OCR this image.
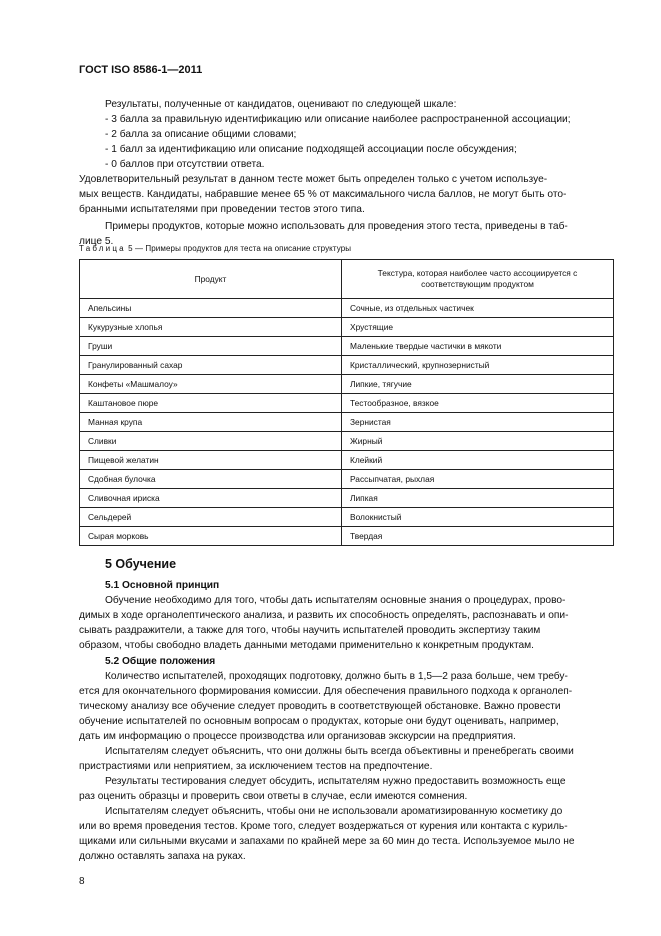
ГОСТ ISO 8586-1—2011
Результаты, полученные от кандидатов, оценивают по следующей шкале:
- 3 балла за правильную идентификацию или описание наиболее распространенной ассоциации;
- 2 балла за описание общими словами;
- 1 балл за идентификацию или описание подходящей ассоциации после обсуждения;
- 0 баллов при отсутствии ответа.
Удовлетворительный результат в данном тесте может быть определен только с учетом используе-
мых веществ. Кандидаты, набравшие менее 65 % от максимального числа баллов, не могут быть ото-
бранными испытателями при проведении тестов этого типа.
Примеры продуктов, которые можно использовать для проведения этого теста, приведены в таб-
лице 5.
Таблица 5 — Примеры продуктов для теста на описание структуры
Продукт	Текстура, которая наиболее часто ассоциируется с
соответствующим продуктом

Апельсины	Сочные, из отдельных частичек
Кукурузные хлопья	Хрустящие
Груши	Маленькие твердые частички в мякоти
Гранулированный сахар	Кристаллический, крупнозернистый
Конфеты «Машмалоу»	Липкие, тягучие
Каштановое пюре	Тестообразное, вязкое
Манная крупа	Зернистая
Сливки	Жирный
Пищевой желатин	Клейкий
Сдобная булочка	Рассыпчатая, рыхлая
Сливочная ириска	Липкая
Сельдерей	Волокнистый
Сырая морковь	Твердая
5 Обучение
5.1 Основной принцип
Обучение необходимо для того, чтобы дать испытателям основные знания о процедурах, прово-
димых в ходе органолептического анализа, и развить их способность определять, распознавать и опи-
сывать раздражители, а также для того, чтобы научить испытателей проводить экспертизу таким
образом, чтобы свободно владеть данными методами применительно к конкретным продуктам.
5.2 Общие положения
Количество испытателей, проходящих подготовку, должно быть в 1,5—2 раза больше, чем требу-
ется для окончательного формирования комиссии. Для обеспечения правильного подхода к органолеп-
тическому анализу все обучение следует проводить в соответствующей обстановке. Важно провести
обучение испытателей по основным вопросам о продуктах, которые они будут оценивать, например,
дать им информацию о процессе производства или организовав экскурсии на предприятия.
Испытателям следует объяснить, что они должны быть всегда объективны и пренебрегать своими
пристрастиями или неприятием, за исключением тестов на предпочтение.
Результаты тестирования следует обсудить, испытателям нужно предоставить возможность еще
раз оценить образцы и проверить свои ответы в случае, если имеются сомнения.
Испытателям следует объяснить, чтобы они не использовали ароматизированную косметику до
или во время проведения тестов. Кроме того, следует воздержаться от курения или контакта с куриль-
щиками или сильными вкусами и запахами по крайней мере за 60 мин до теста. Используемое мыло не
должно оставлять запаха на руках.
8
